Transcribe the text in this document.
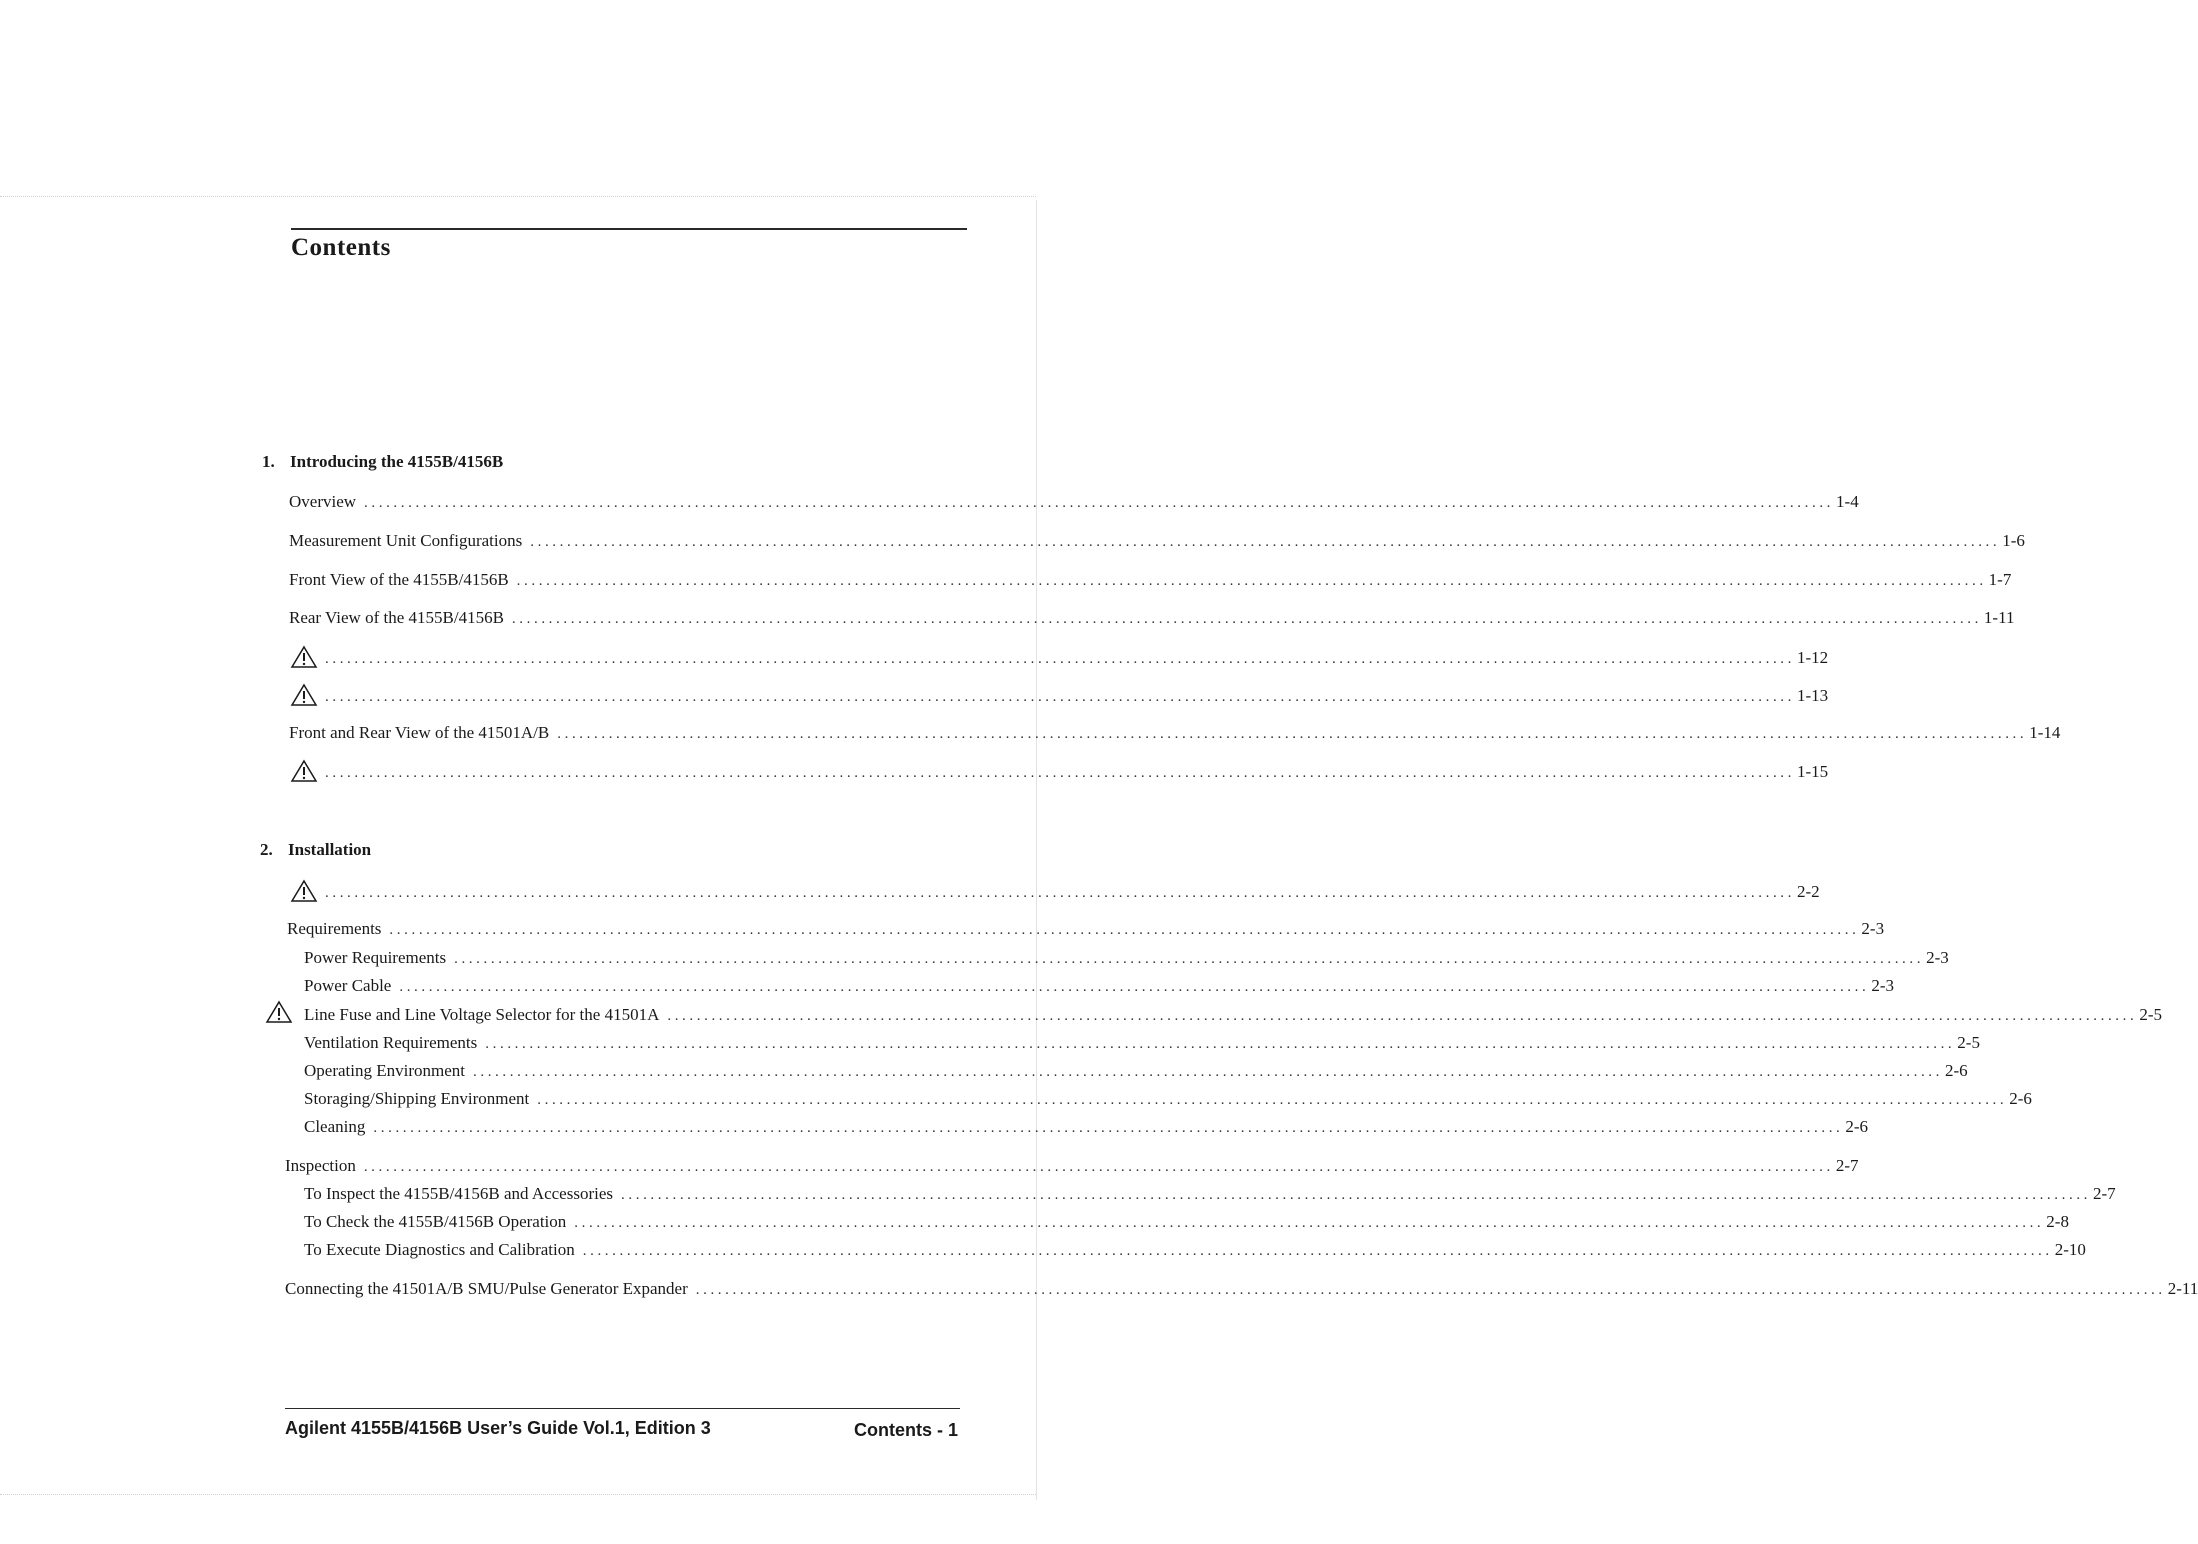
Contents
1. Introducing the 4155B/4156B
Overview ........................................................................................................................................................................................................ 1-4
Measurement Unit Configurations ........................................................................................................................................................................................................ 1-6
Front View of the 4155B/4156B ........................................................................................................................................................................................................ 1-7
Rear View of the 4155B/4156B ........................................................................................................................................................................................................ 1-11
........................................................................................................................................................................................................ 1-12
........................................................................................................................................................................................................ 1-13
Front and Rear View of the 41501A/B ........................................................................................................................................................................................................ 1-14
........................................................................................................................................................................................................ 1-15
2. Installation
........................................................................................................................................................................................................ 2-2
Requirements ........................................................................................................................................................................................................ 2-3
Power Requirements ........................................................................................................................................................................................................ 2-3
Power Cable ........................................................................................................................................................................................................ 2-3
Line Fuse and Line Voltage Selector for the 41501A ........................................................................................................................................................................................................ 2-5
Ventilation Requirements ........................................................................................................................................................................................................ 2-5
Operating Environment ........................................................................................................................................................................................................ 2-6
Storaging/Shipping Environment ........................................................................................................................................................................................................ 2-6
Cleaning ........................................................................................................................................................................................................ 2-6
Inspection ........................................................................................................................................................................................................ 2-7
To Inspect the 4155B/4156B and Accessories ........................................................................................................................................................................................................ 2-7
To Check the 4155B/4156B Operation ........................................................................................................................................................................................................ 2-8
To Execute Diagnostics and Calibration ........................................................................................................................................................................................................ 2-10
Connecting the 41501A/B SMU/Pulse Generator Expander ........................................................................................................................................................................................................ 2-11
Agilent 4155B/4156B User’s Guide Vol.1, Edition 3	Contents - 1
